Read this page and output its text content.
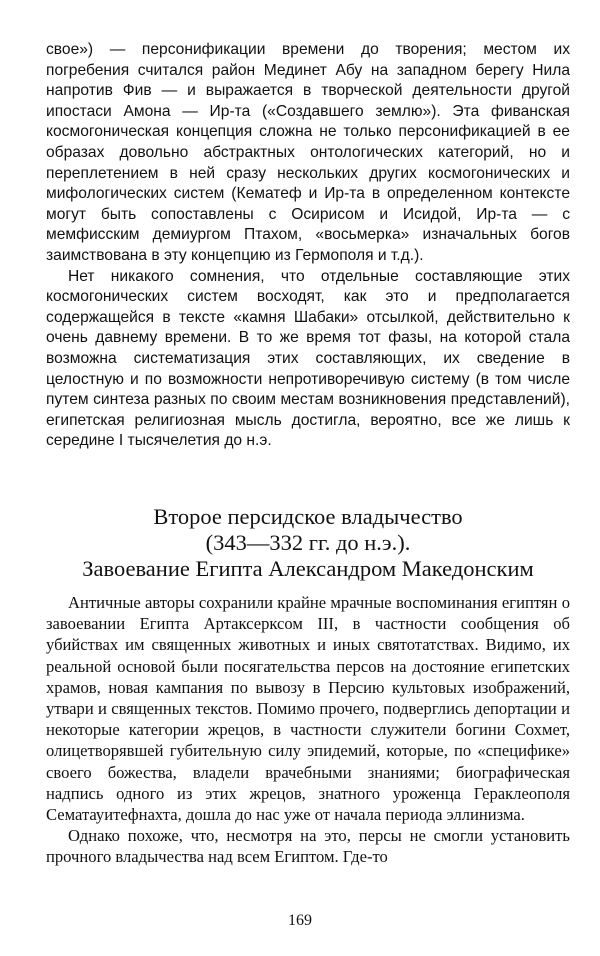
свое») — персонификации времени до творения; местом их погребения считался район Мединет Абу на западном берегу Нила напротив Фив — и выражается в творческой деятельности другой ипостаси Амона — Ир-та («Создавшего землю»). Эта фиванская космогоническая концепция сложна не только персонификацией в ее образах довольно абстрактных онтологических категорий, но и переплетением в ней сразу нескольких других космогонических и мифологических систем (Кематеф и Ир-та в определенном контексте могут быть сопоставлены с Осирисом и Исидой, Ир-та — с мемфисским демиургом Птахом, «восьмерка» изначальных богов заимствована в эту концепцию из Гермополя и т.д.).

Нет никакого сомнения, что отдельные составляющие этих космогонических систем восходят, как это и предполагается содержащейся в тексте «камня Шабаки» отсылкой, действительно к очень давнему времени. В то же время тот фазы, на которой стала возможна систематизация этих составляющих, их сведение в целостную и по возможности непротиворечивую систему (в том числе путем синтеза разных по своим местам возникновения представлений), египетская религиозная мысль достигла, вероятно, все же лишь к середине I тысячелетия до н.э.

Второе персидское владычество
(343—332 гг. до н.э.).
Завоевание Египта Александром Македонским

Античные авторы сохранили крайне мрачные воспоминания египтян о завоевании Египта Артаксерксом III, в частности сообщения об убийствах им священных животных и иных святотатствах. Видимо, их реальной основой были посягательства персов на достояние египетских храмов, новая кампания по вывозу в Персию культовых изображений, утвари и священных текстов. Помимо прочего, подверглись депортации и некоторые категории жрецов, в частности служители богини Сохмет, олицетворявшей губительную силу эпидемий, которые, по «специфике» своего божества, владели врачебными знаниями; биографическая надпись одного из этих жрецов, знатного уроженца Гераклеополя Сематауитефнахта, дошла до нас уже от начала периода эллинизма.

Однако похоже, что, несмотря на это, персы не смогли установить прочного владычества над всем Египтом. Где-то

169
